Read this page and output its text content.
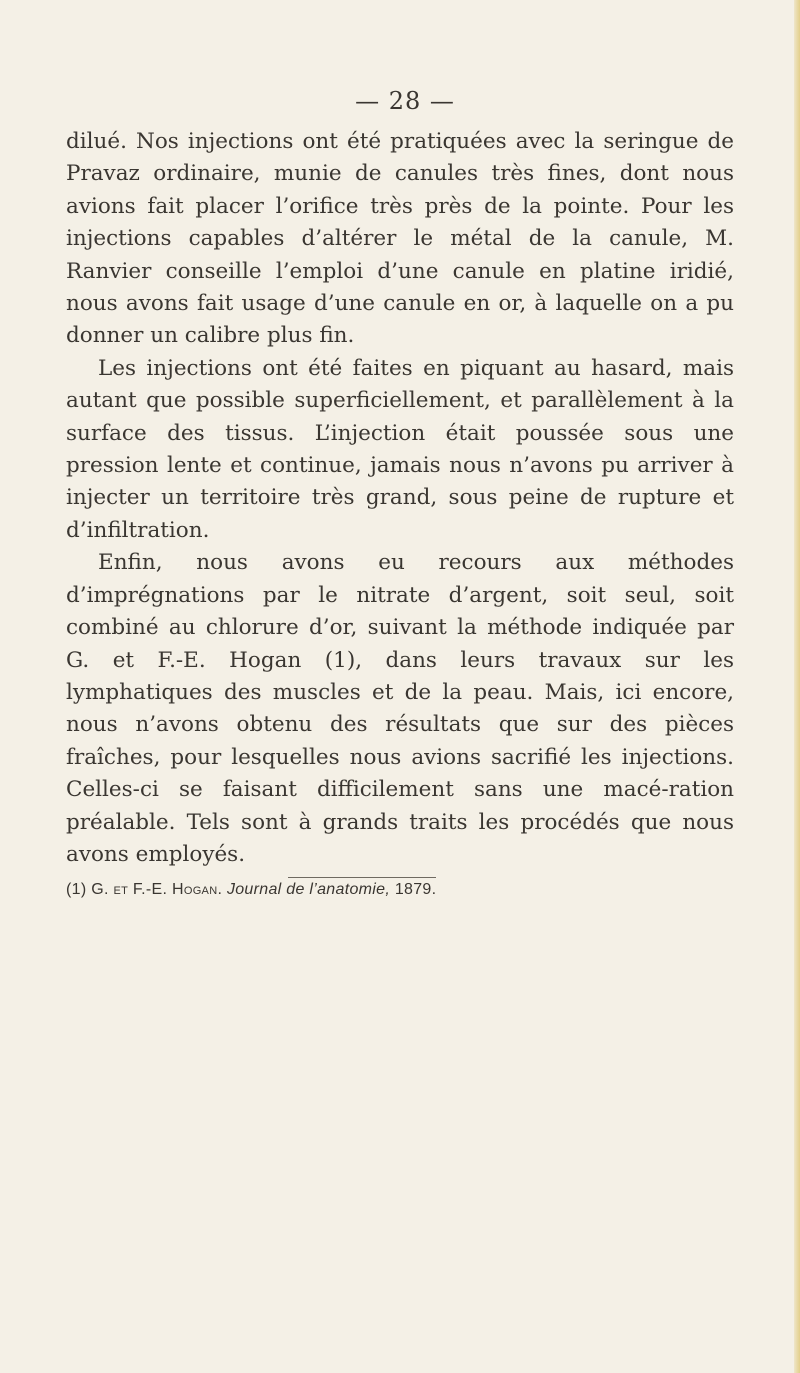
— 28 —

dilué. Nos injections ont été pratiquées avec la seringue de Pravaz ordinaire, munie de canules très fines, dont nous avions fait placer l’orifice très près de la pointe. Pour les injections capables d’altérer le métal de la canule, M. Ranvier conseille l’emploi d’une canule en platine iridié, nous avons fait usage d’une canule en or, à laquelle on a pu donner un calibre plus fin.

Les injections ont été faites en piquant au hasard, mais autant que possible superficiellement, et parallèlement à la surface des tissus. L’injection était poussée sous une pression lente et continue, jamais nous n’avons pu arriver à injecter un territoire très grand, sous peine de rupture et d’infiltration.

Enfin, nous avons eu recours aux méthodes d’imprégnations par le nitrate d’argent, soit seul, soit combiné au chlorure d’or, suivant la méthode indiquée par G. et F.-E. Hogan (1), dans leurs travaux sur les lymphatiques des muscles et de la peau. Mais, ici encore, nous n’avons obtenu des résultats que sur des pièces fraîches, pour lesquelles nous avions sacrifié les injections. Celles-ci se faisant difficilement sans une macé-ration préalable. Tels sont à grands traits les procédés que nous avons employés.

(1) G. et F.-E. Hogan. Journal de l’anatomie, 1879.
